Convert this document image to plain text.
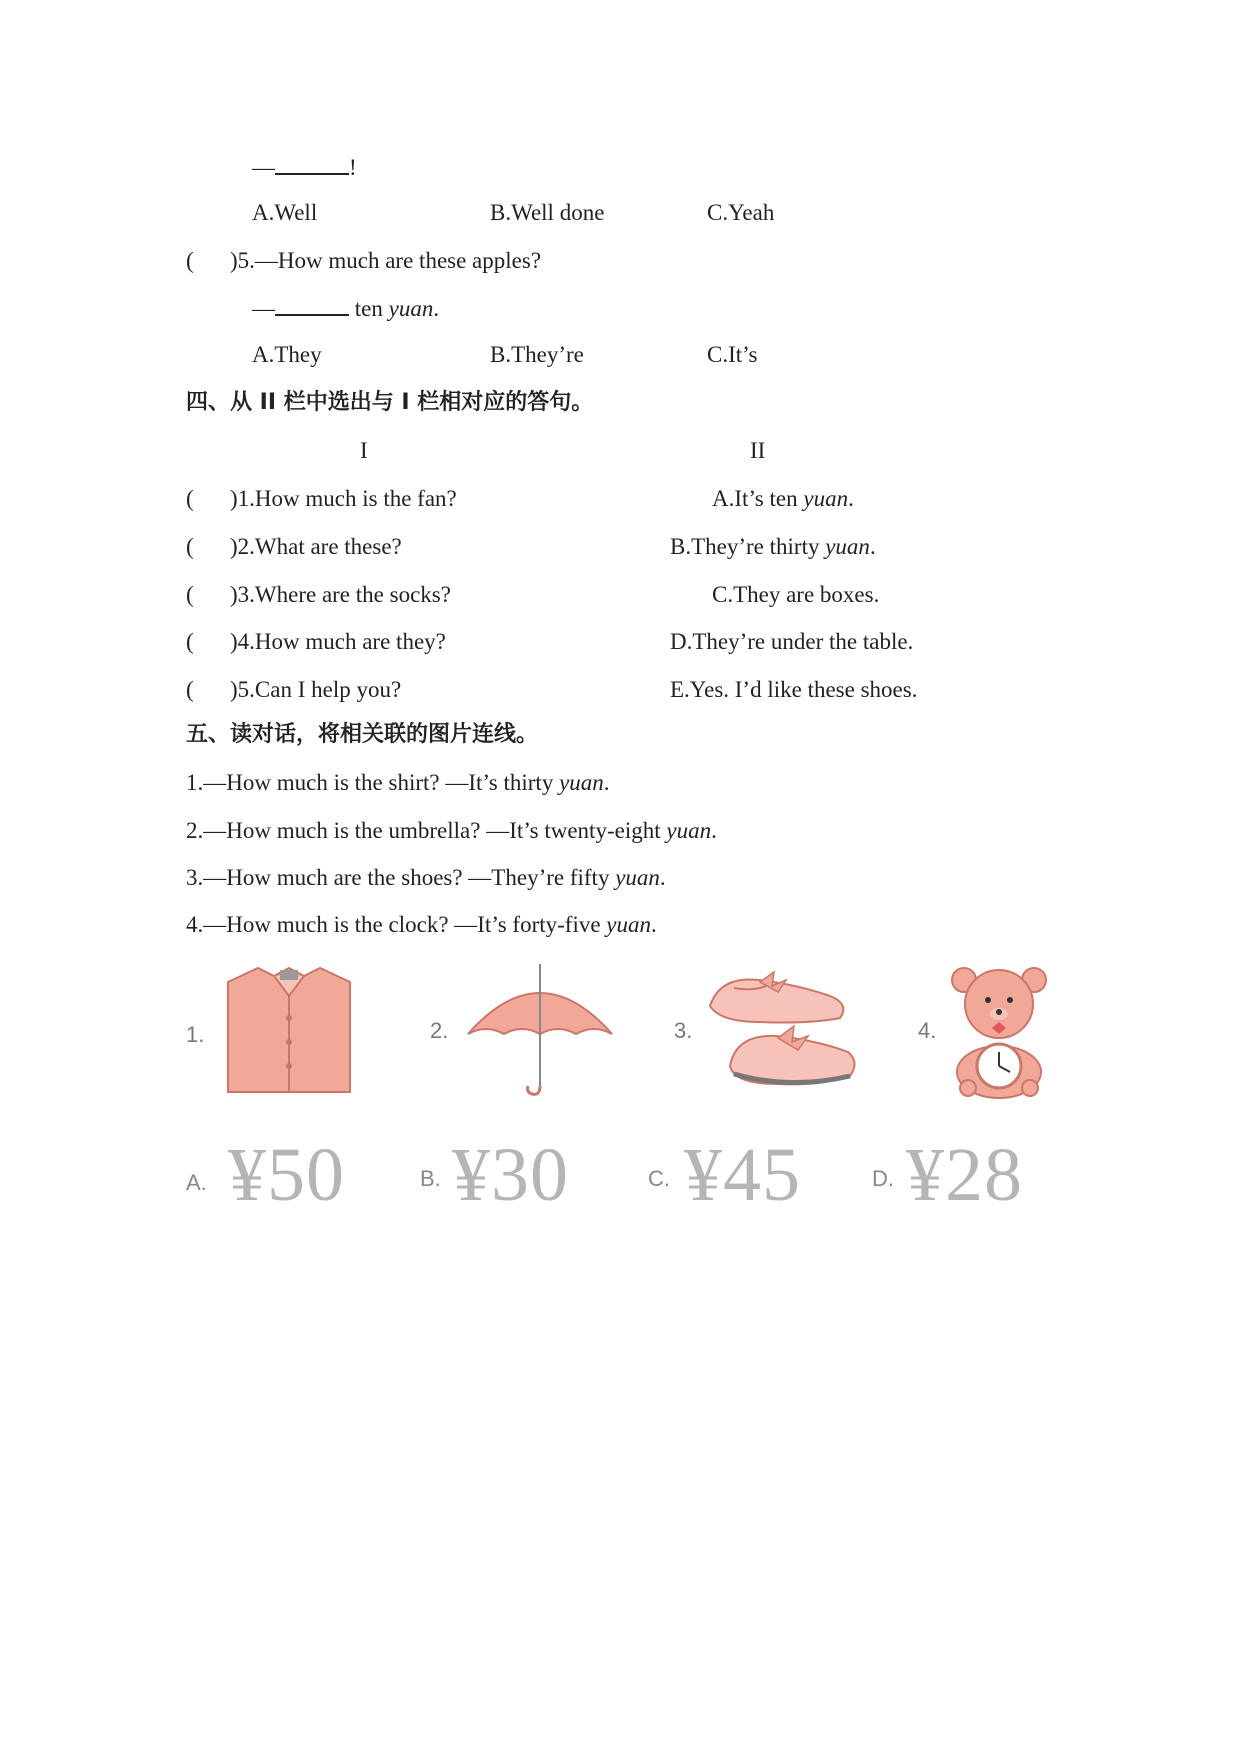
—	!
A.Well	B.Well done	C.Yeah
( )5.—How much are these apples?
—	ten yuan.
A.They	B.They’re	C.It’s
四、从 II 栏中选出与 I 栏相对应的答句。
I	II
( )1.How much is the fan?	A.It’s ten yuan.
( )2.What are these?	B.They’re thirty yuan.
( )3.Where are the socks?	C.They are boxes.
( )4.How much are they?	D.They’re under the table.
( )5.Can I help you?	E.Yes. I’d like these shoes.
五、读对话，将相关联的图片连线。
1.—How much is the shirt? —It’s thirty yuan.
2.—How much is the umbrella? —It’s twenty-eight yuan.
3.—How much are the shoes? —They’re fifty yuan.
4.—How much is the clock? —It’s forty-five yuan.
1.	2.	3.	4.
A. ¥50	B. ¥30	C. ¥45	D. ¥28
